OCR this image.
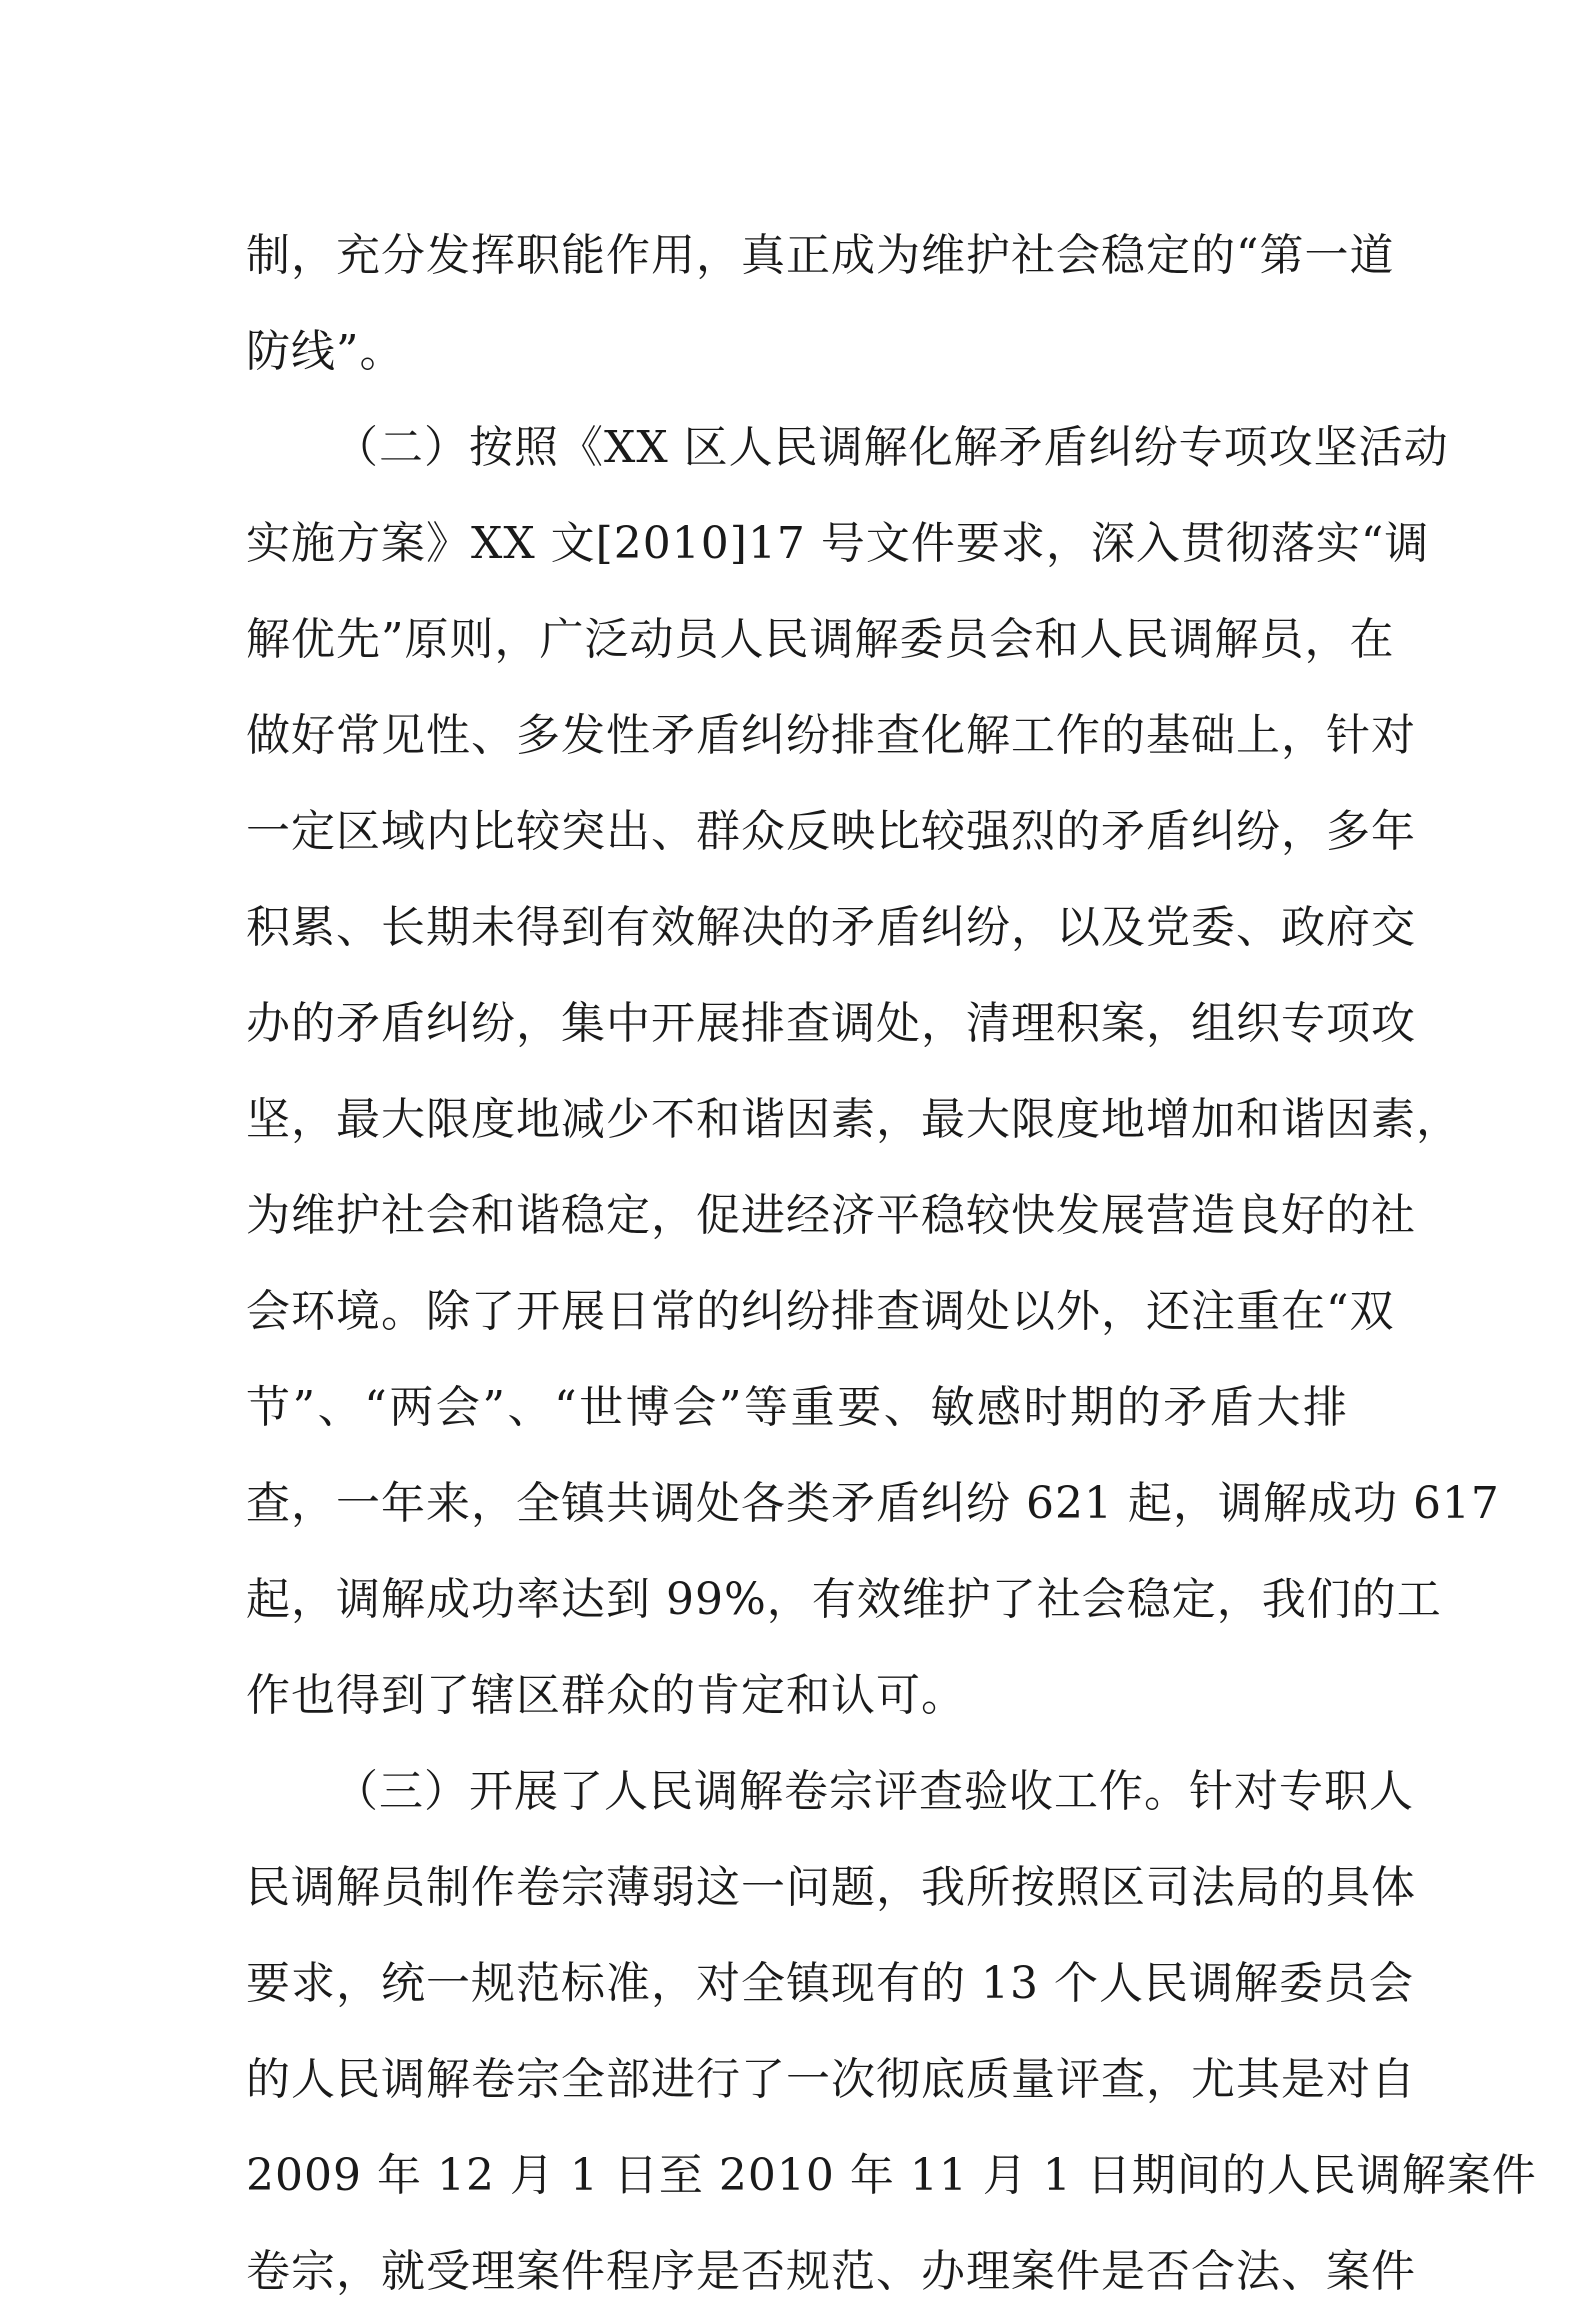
制，充分发挥职能作用，真正成为维护社会稳定的“第一道
防线”。
（二）按照《XX 区人民调解化解矛盾纠纷专项攻坚活动
实施方案》XX 文[2010]17 号文件要求，深入贯彻落实“调
解优先”原则，广泛动员人民调解委员会和人民调解员，在
做好常见性、多发性矛盾纠纷排查化解工作的基础上，针对
一定区域内比较突出、群众反映比较强烈的矛盾纠纷，多年
积累、长期未得到有效解决的矛盾纠纷，以及党委、政府交
办的矛盾纠纷，集中开展排查调处，清理积案，组织专项攻
坚，最大限度地减少不和谐因素，最大限度地增加和谐因素，
为维护社会和谐稳定，促进经济平稳较快发展营造良好的社
会环境。除了开展日常的纠纷排查调处以外，还注重在“双
节”、“两会”、“世博会”等重要、敏感时期的矛盾大排
查，一年来，全镇共调处各类矛盾纠纷 621 起，调解成功 617
起，调解成功率达到 99%，有效维护了社会稳定，我们的工
作也得到了辖区群众的肯定和认可。
（三）开展了人民调解卷宗评查验收工作。针对专职人
民调解员制作卷宗薄弱这一问题，我所按照区司法局的具体
要求，统一规范标准，对全镇现有的 13 个人民调解委员会
的人民调解卷宗全部进行了一次彻底质量评查，尤其是对自
2009 年 12 月 1 日至 2010 年 11 月 1 日期间的人民调解案件
卷宗，就受理案件程序是否规范、办理案件是否合法、案件
